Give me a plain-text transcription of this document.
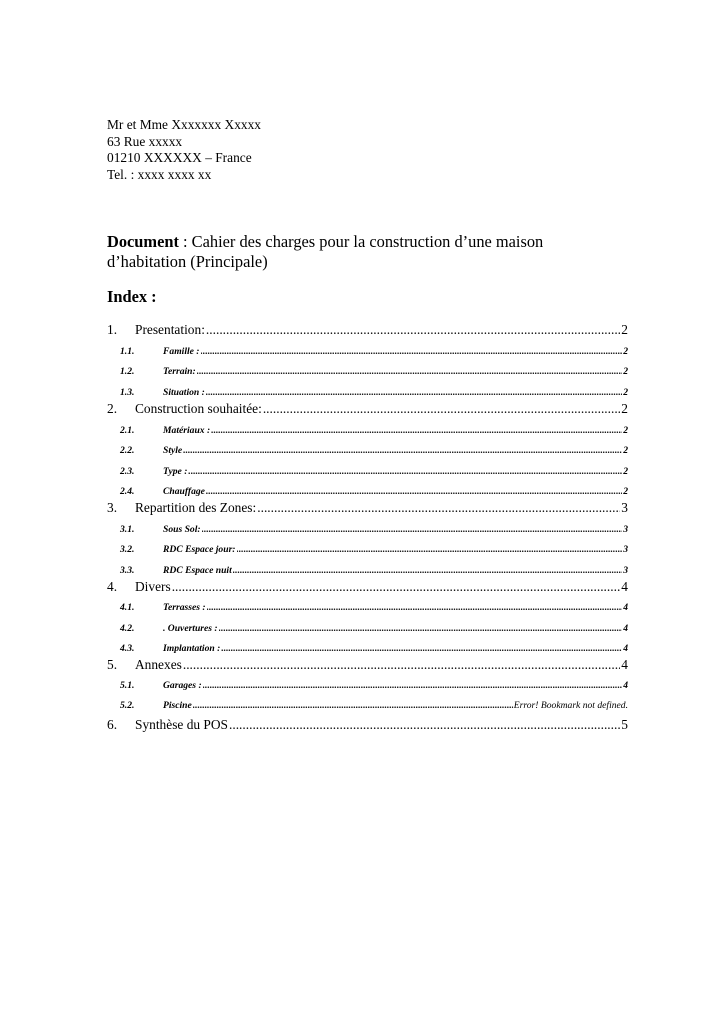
Mr et Mme Xxxxxxx Xxxxx
63 Rue xxxxx
01210 XXXXXX – France
Tel. : xxxx xxxx xx
Document : Cahier des charges pour la construction d’une maison d’habitation (Principale)
Index :
1.	Presentation: .....	2
1.1.	Famille : .....	2
1.2.	Terrain: .....	2
1.3.	Situation : .....	2
2.	Construction souhaitée: .....	2
2.1.	Matériaux : .....	2
2.2.	Style .....	2
2.3.	Type : .....	2
2.4.	Chauffage .....	2
3.	Repartition des Zones: .....	3
3.1.	Sous Sol: .....	3
3.2.	RDC Espace jour: .....	3
3.3.	RDC Espace nuit .....	3
4.	Divers .....	4
4.1.	Terrasses : .....	4
4.2.	. Ouvertures : .....	4
4.3.	Implantation : .....	4
5.	Annexes .....	4
5.1.	Garages : .....	4
5.2.	Piscine .....	Error! Bookmark not defined.
6.	Synthèse du POS .....	5
